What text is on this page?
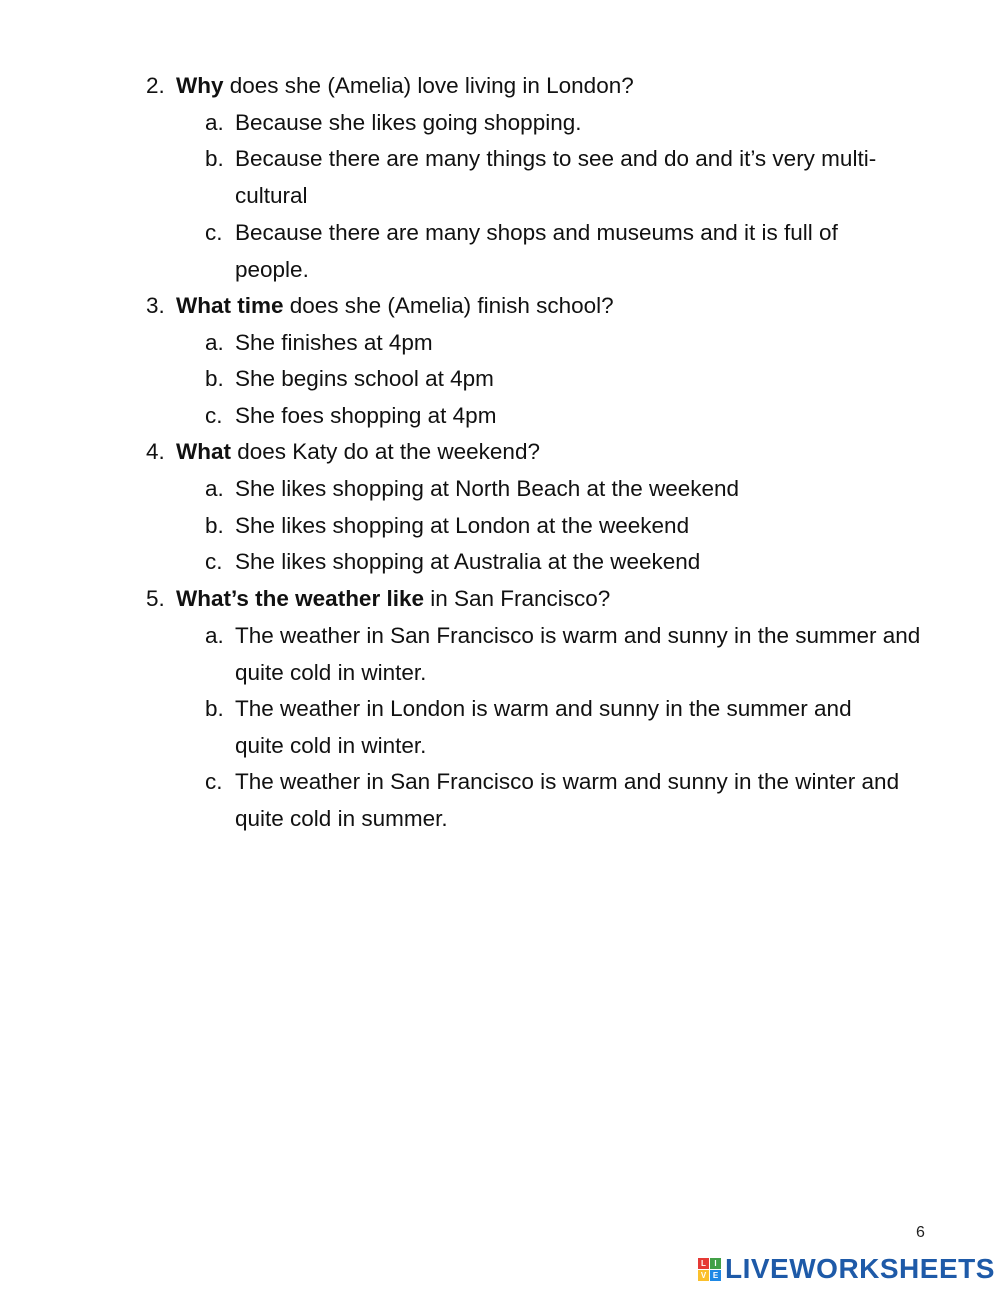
2. Why does she (Amelia) love living in London?
a. Because she likes going shopping.
b. Because there are many things to see and do and it’s very multi-cultural
c. Because there are many shops and museums and it is full of people.
3. What time does she (Amelia) finish school?
a. She finishes at 4pm
b. She begins school at 4pm
c. She foes shopping at 4pm
4. What does Katy do at the weekend?
a. She likes shopping at North Beach at the weekend
b. She likes shopping at London at the weekend
c. She likes shopping at Australia at the weekend
5. What’s the weather like in San Francisco?
a. The weather in San Francisco is warm and sunny in the summer and quite cold in winter.
b. The weather in London is warm and sunny in the summer and quite cold in winter.
c. The weather in San Francisco is warm and sunny in the winter and quite cold in summer.
6
L	I
V E LIVEWORKSHEETS
